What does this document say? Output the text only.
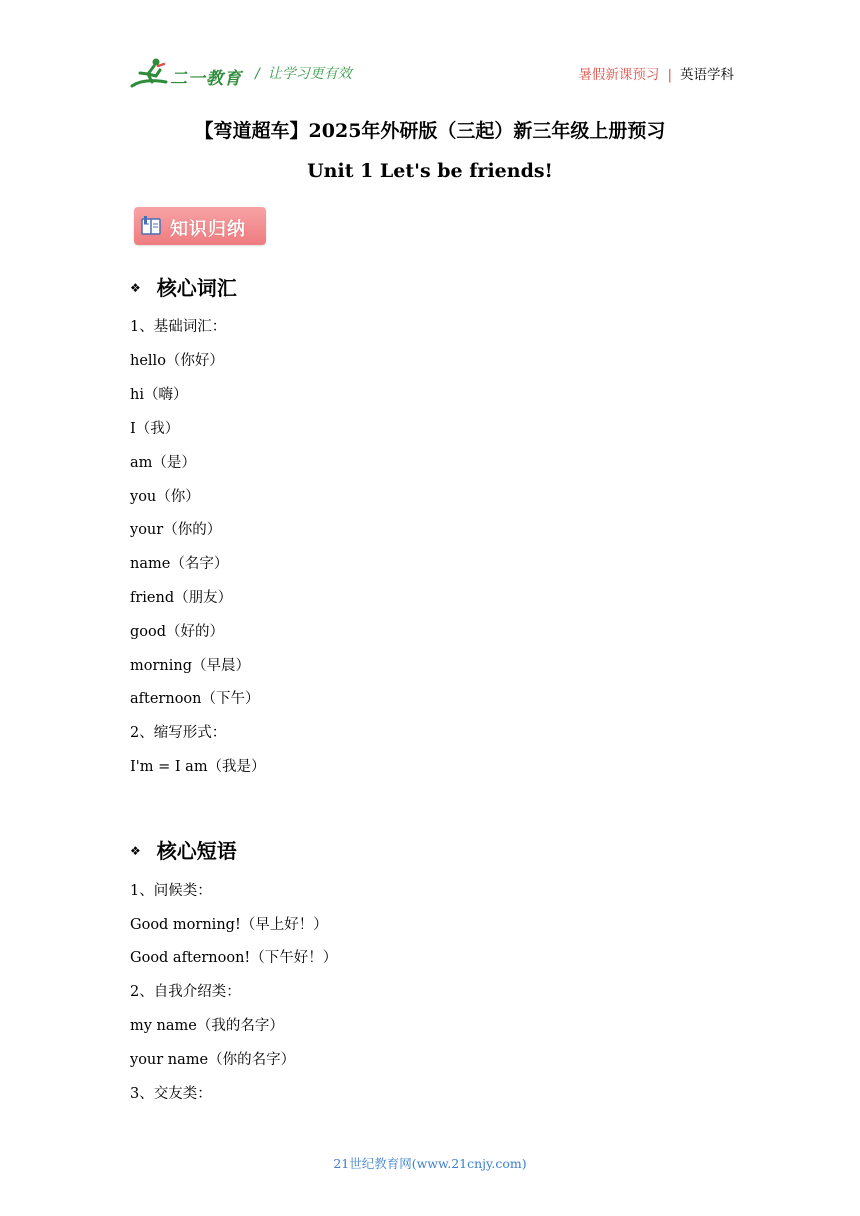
二一教育 / 让学习更有效	暑假新课预习 | 英语学科
【弯道超车】2025年外研版（三起）新三年级上册预习
Unit 1 Let's be friends!
知识归纳
❖ 核心词汇
1、基础词汇：
hello（你好）
hi（嗨）
I（我）
am（是）
you（你）
your（你的）
name（名字）
friend（朋友）
good（好的）
morning（早晨）
afternoon（下午）
2、缩写形式：
I'm = I am（我是）
❖ 核心短语
1、问候类：
Good morning!（早上好！）
Good afternoon!（下午好！）
2、自我介绍类：
my name（我的名字）
your name（你的名字）
3、交友类：
21世纪教育网(www.21cnjy.com)
